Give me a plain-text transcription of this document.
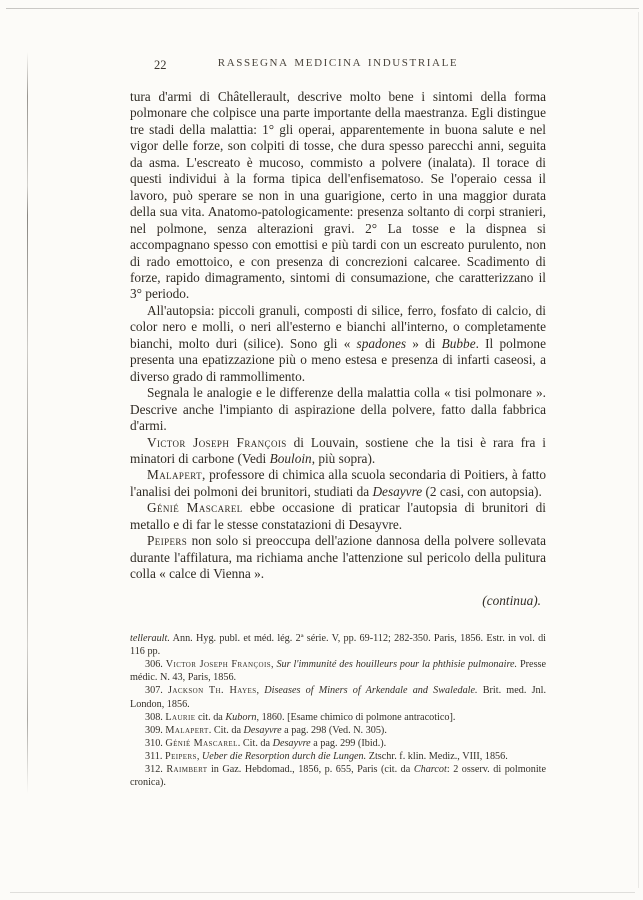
22	RASSEGNA MEDICINA INDUSTRIALE

tura d'armi di Châtellerault, descrive molto bene i sintomi della forma polmonare che colpisce una parte importante della maestranza. Egli distingue tre stadi della malattia: 1° gli operai, apparentemente in buona salute e nel vigor delle forze, son colpiti di tosse, che dura spesso parecchi anni, seguita da asma. L'escreato è mucoso, commisto a polvere (inalata). Il torace di questi individui à la forma tipica dell'enfisematoso. Se l'operaio cessa il lavoro, può sperare se non in una guarigione, certo in una maggior durata della sua vita. Anatomo-patologicamente: presenza soltanto di corpi stranieri, nel polmone, senza alterazioni gravi. 2° La tosse e la dispnea si accompagnano spesso con emottisi e più tardi con un escreato purulento, non di rado emottoico, e con presenza di concrezioni calcaree. Scadimento di forze, rapido dimagramento, sintomi di consumazione, che caratterizzano il 3° periodo.

All'autopsia: piccoli granuli, composti di silice, ferro, fosfato di calcio, di color nero e molli, o neri all'esterno e bianchi all'interno, o completamente bianchi, molto duri (silice). Sono gli « spadones » di Bubbe. Il polmone presenta una epatizzazione più o meno estesa e presenza di infarti caseosi, a diverso grado di rammollimento.

Segnala le analogie e le differenze della malattia colla « tisi polmonare ». Descrive anche l'impianto di aspirazione della polvere, fatto dalla fabbrica d'armi.

Victor Joseph François di Louvain, sostiene che la tisi è rara fra i minatori di carbone (Vedi Bouloin, più sopra).

Malapert, professore di chimica alla scuola secondaria di Poitiers, à fatto l'analisi dei polmoni dei brunitori, studiati da Desayvre (2 casi, con autopsia).

Génié Mascarel ebbe occasione di praticar l'autopsia di brunitori di metallo e di far le stesse constatazioni di Desayvre.

Peipers non solo si preoccupa dell'azione dannosa della polvere sollevata durante l'affilatura, ma richiama anche l'attenzione sul pericolo della pulitura colla « calce di Vienna ».

(continua).

tellerault. Ann. Hyg. publ. et méd. lég. 2ª série. V, pp. 69-112; 282-350. Paris, 1856. Estr. in vol. di 116 pp.

306. Victor Joseph François, Sur l'immunité des houilleurs pour la phthisie pulmonaire. Presse médic. N. 43, Paris, 1856.

307. Jackson Th. Hayes, Diseases of Miners of Arkendale and Swaledale. Brit. med. Jnl. London, 1856.

308. Laurie cit. da Kuborn, 1860. [Esame chimico di polmone antracotico].

309. Malapert. Cit. da Desayvre a pag. 298 (Ved. N. 305).

310. Génié Mascarel. Cit. da Desayvre a pag. 299 (Ibid.).

311. Peipers, Ueber die Resorption durch die Lungen. Ztschr. f. klin. Mediz., VIII, 1856.

312. Raimbert in Gaz. Hebdomad., 1856, p. 655, Paris (cit. da Charcot: 2 osserv. di polmonite cronica).
